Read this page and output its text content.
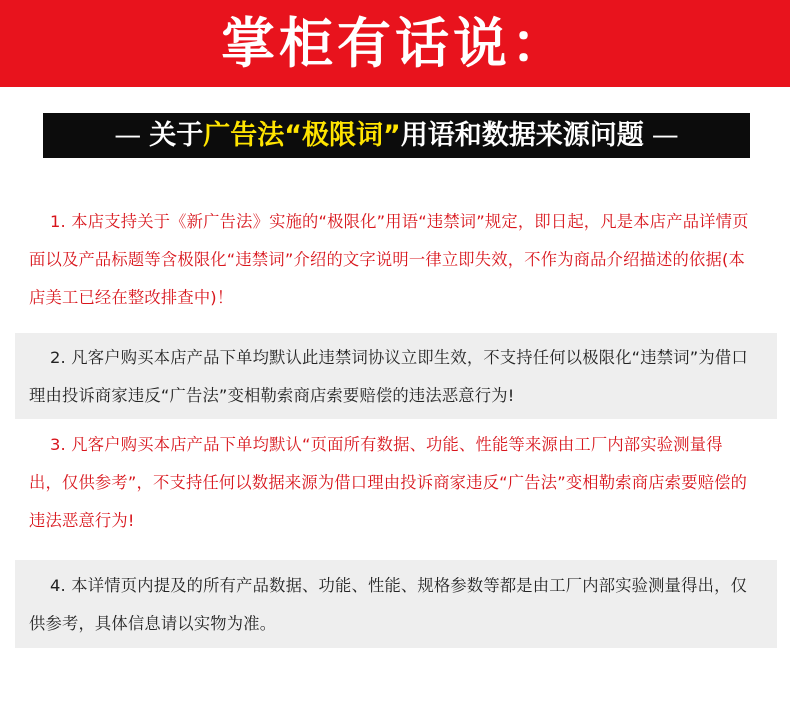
掌柜有话说：
— 关于 广告法“极限词” 用语和数据来源问题 —

1. 本店支持关于《新广告法》实施的“极限化”用语“违禁词”规定，即日起，凡是本店产品详情页面以及产品标题等含极限化“违禁词”介绍的文字说明一律立即失效，不作为商品介绍描述的依据(本店美工已经在整改排查中)！

2. 凡客户购买本店产品下单均默认此违禁词协议立即生效，不支持任何以极限化“违禁词”为借口理由投诉商家违反“广告法”变相勒索商店索要赔偿的违法恶意行为!

3. 凡客户购买本店产品下单均默认“页面所有数据、功能、性能等来源由工厂内部实验测量得出，仅供参考”，不支持任何以数据来源为借口理由投诉商家违反“广告法”变相勒索商店索要赔偿的违法恶意行为!

4. 本详情页内提及的所有产品数据、功能、性能、规格参数等都是由工厂内部实验测量得出，仅供参考，具体信息请以实物为准。
